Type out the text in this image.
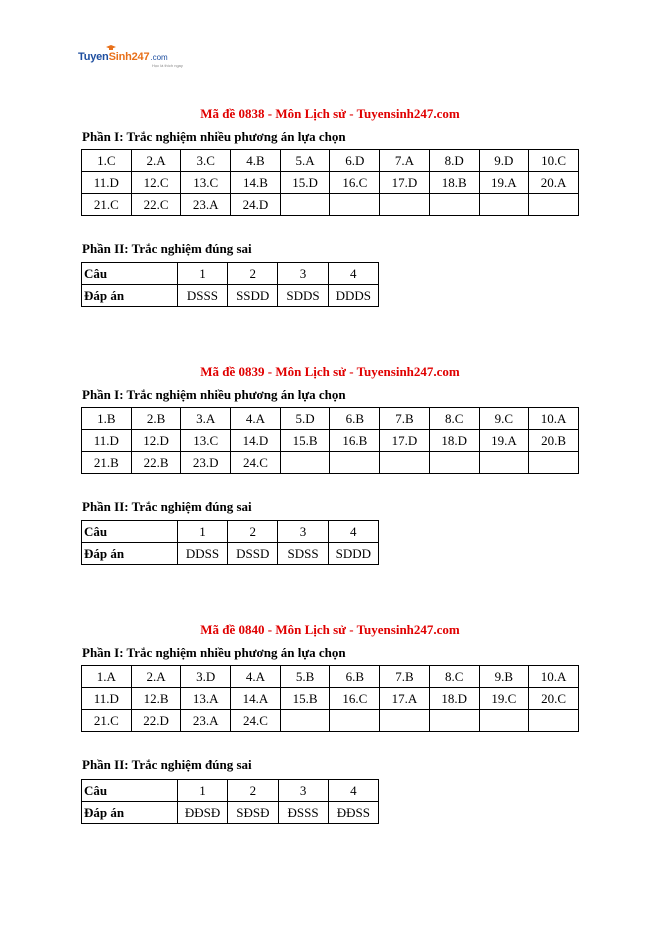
TuyenSinh247 .com
Học là thích ngay
Mã đề 0838 - Môn Lịch sử - Tuyensinh247.com
Phần I: Trắc nghiệm nhiều phương án lựa chọn
1.C	2.A	3.C	4.B	5.A	6.D	7.A	8.D	9.D	10.C
11.D	12.C	13.C	14.B	15.D	16.C	17.D	18.B	19.A	20.A
21.C	22.C	23.A	24.D						
Phần II: Trắc nghiệm đúng sai
Câu	1	2	3	4
Đáp án	DSSS	SSDD	SDDS	DDDS
Mã đề 0839 - Môn Lịch sử - Tuyensinh247.com
Phần I: Trắc nghiệm nhiều phương án lựa chọn
1.B	2.B	3.A	4.A	5.D	6.B	7.B	8.C	9.C	10.A
11.D	12.D	13.C	14.D	15.B	16.B	17.D	18.D	19.A	20.B
21.B	22.B	23.D	24.C						
Phần II: Trắc nghiệm đúng sai
Câu	1	2	3	4
Đáp án	DDSS	DSSD	SDSS	SDDD
Mã đề 0840 - Môn Lịch sử - Tuyensinh247.com
Phần I: Trắc nghiệm nhiều phương án lựa chọn
1.A	2.A	3.D	4.A	5.B	6.B	7.B	8.C	9.B	10.A
11.D	12.B	13.A	14.A	15.B	16.C	17.A	18.D	19.C	20.C
21.C	22.D	23.A	24.C						
Phần II: Trắc nghiệm đúng sai
Câu	1	2	3	4
Đáp án	ĐĐSĐ	SĐSĐ	ĐSSS	ĐĐSS
